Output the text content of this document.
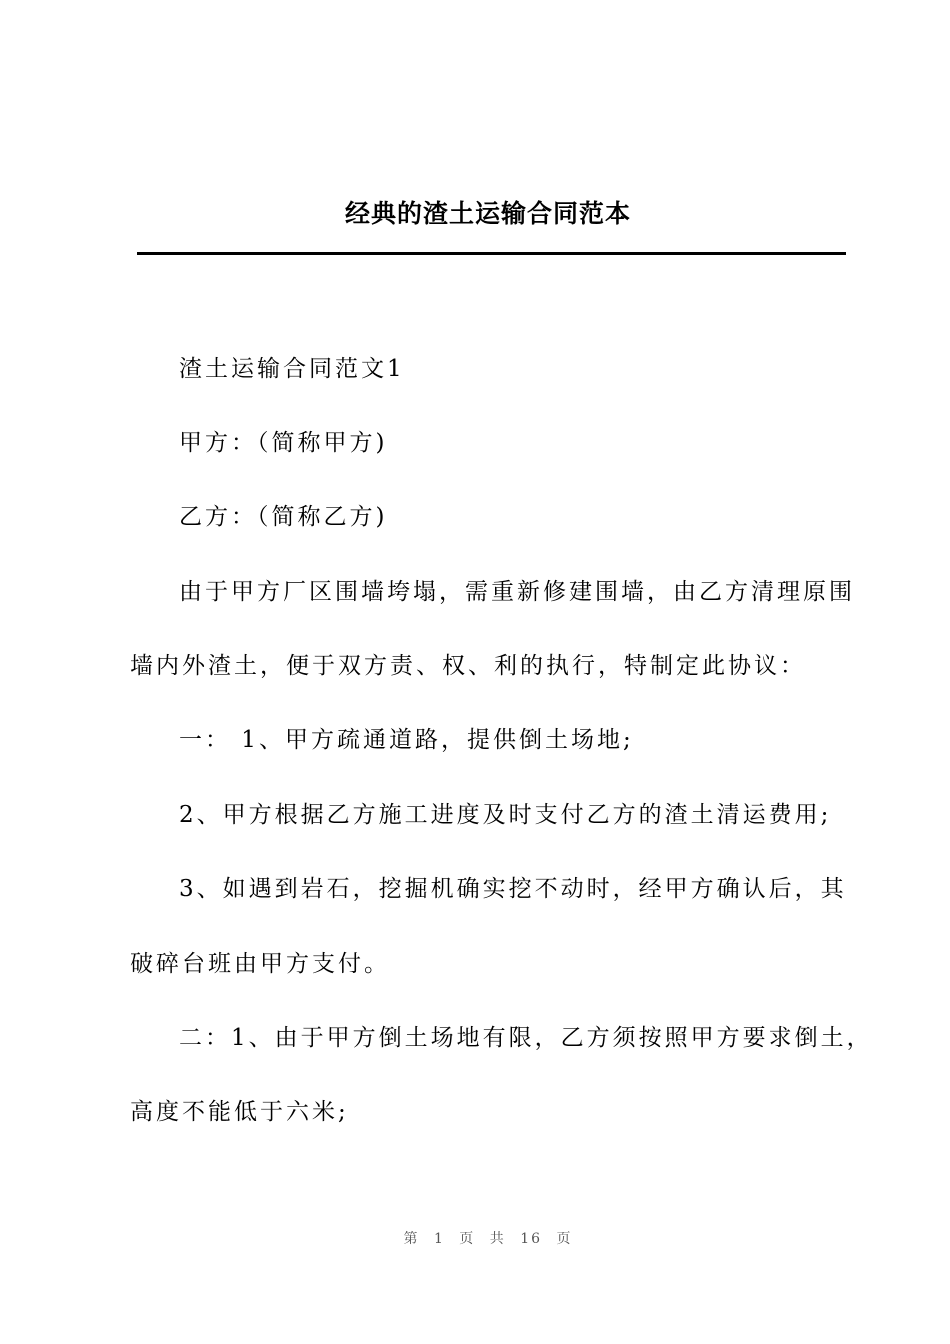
经典的渣土运输合同范本

渣土运输合同范文1

甲方：（简称甲方)

乙方：（简称乙方)

由于甲方厂区围墙垮塌，需重新修建围墙，由乙方清理原围

墙内外渣土，便于双方责、权、利的执行，特制定此协议：

一： 1、甲方疏通道路，提供倒土场地;

2、甲方根据乙方施工进度及时支付乙方的渣土清运费用;

3、如遇到岩石，挖掘机确实挖不动时，经甲方确认后，其

破碎台班由甲方支付。

二：1、由于甲方倒土场地有限，乙方须按照甲方要求倒土，

高度不能低于六米;

第 1 页 共 16 页
